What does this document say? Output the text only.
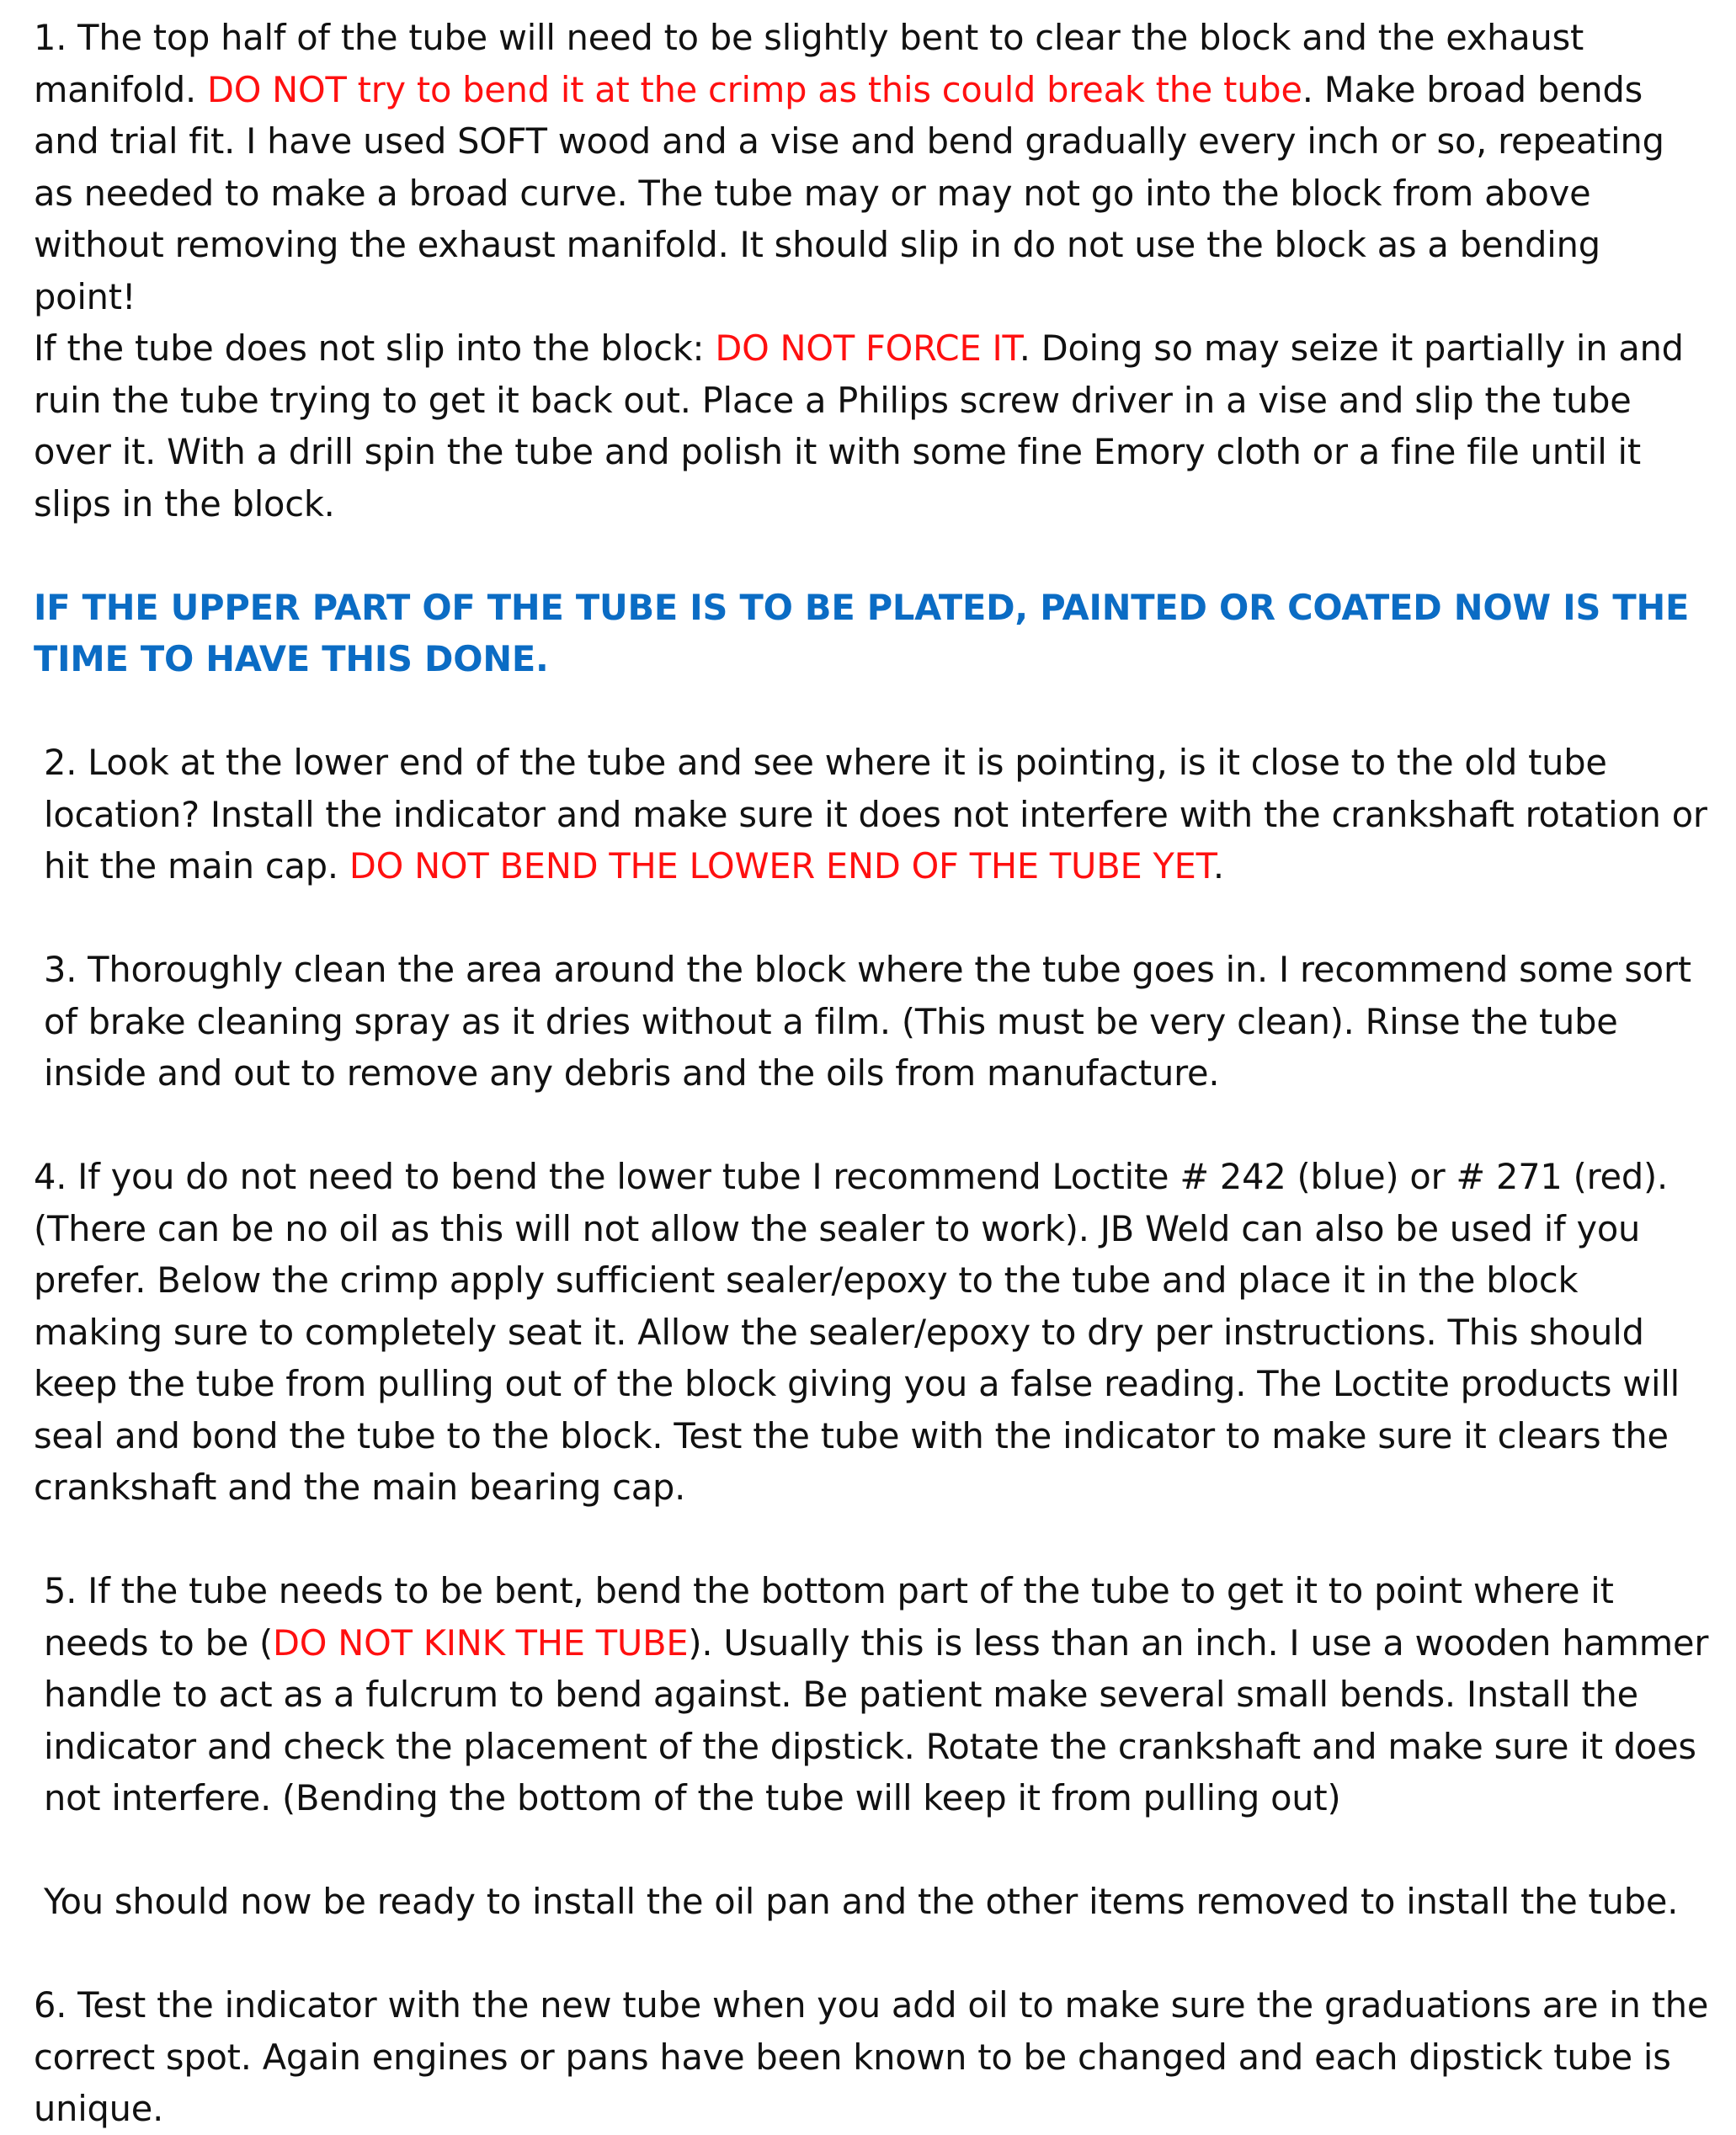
1. The top half of the tube will need to be slightly bent to clear the block and the exhaust manifold. DO NOT try to bend it at the crimp as this could break the tube. Make broad bends and trial fit. I have used SOFT wood and a vise and bend gradually every inch or so, repeating as needed to make a broad curve. The tube may or may not go into the block from above without removing the exhaust manifold. It should slip in do not use the block as a bending point!

If the tube does not slip into the block: DO NOT FORCE IT. Doing so may seize it partially in and ruin the tube trying to get it back out. Place a Philips screw driver in a vise and slip the tube over it. With a drill spin the tube and polish it with some fine Emory cloth or a fine file until it slips in the block.

IF THE UPPER PART OF THE TUBE IS TO BE PLATED, PAINTED OR COATED NOW IS THE TIME TO HAVE THIS DONE.

2. Look at the lower end of the tube and see where it is pointing, is it close to the old tube location? Install the indicator and make sure it does not interfere with the crankshaft rotation or hit the main cap. DO NOT BEND THE LOWER END OF THE TUBE YET.

3. Thoroughly clean the area around the block where the tube goes in. I recommend some sort of brake cleaning spray as it dries without a film. (This must be very clean). Rinse the tube inside and out to remove any debris and the oils from manufacture.

4. If you do not need to bend the lower tube I recommend Loctite # 242 (blue) or # 271 (red). (There can be no oil as this will not allow the sealer to work). JB Weld can also be used if you prefer. Below the crimp apply sufficient sealer/epoxy to the tube and place it in the block making sure to completely seat it. Allow the sealer/epoxy to dry per instructions. This should keep the tube from pulling out of the block giving you a false reading. The Loctite products will seal and bond the tube to the block. Test the tube with the indicator to make sure it clears the crankshaft and the main bearing cap.

5. If the tube needs to be bent, bend the bottom part of the tube to get it to point where it needs to be (DO NOT KINK THE TUBE). Usually this is less than an inch. I use a wooden hammer handle to act as a fulcrum to bend against. Be patient make several small bends. Install the indicator and check the placement of the dipstick. Rotate the crankshaft and make sure it does not interfere. (Bending the bottom of the tube will keep it from pulling out)

You should now be ready to install the oil pan and the other items removed to install the tube.

6. Test the indicator with the new tube when you add oil to make sure the graduations are in the correct spot. Again engines or pans have been known to be changed and each dipstick tube is unique.
